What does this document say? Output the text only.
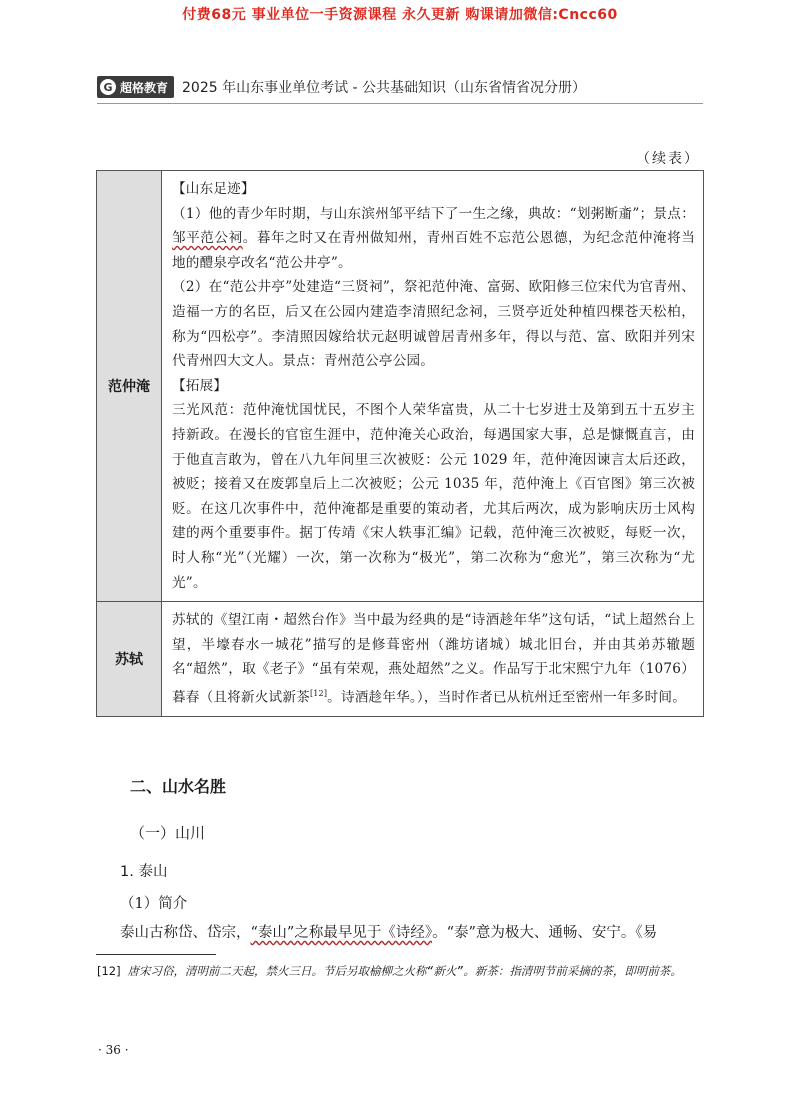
付费68元 事业单位一手资源课程 永久更新 购课请加微信:Cncc60
G 超格教育 2025 年山东事业单位考试 - 公共基础知识（山东省情省况分册）
（续表）
范仲淹	【山东足迹】

（1）他的青少年时期，与山东滨州邹平结下了一生之缘，典故：“划粥断齑”；景点：邹平范公祠。暮年之时又在青州做知州，青州百姓不忘范公恩德，为纪念范仲淹将当地的醴泉亭改名“范公井亭”。

（2）在“范公井亭”处建造“三贤祠”，祭祀范仲淹、富弼、欧阳修三位宋代为官青州、造福一方的名臣，后又在公园内建造李清照纪念祠，三贤亭近处种植四棵苍天松柏，称为“四松亭”。李清照因嫁给状元赵明诚曾居青州多年，得以与范、富、欧阳并列宋代青州四大文人。景点：青州范公亭公园。

【拓展】

三光风范：范仲淹忧国忧民，不图个人荣华富贵，从二十七岁进士及第到五十五岁主持新政。在漫长的官宦生涯中，范仲淹关心政治，每遇国家大事，总是慷慨直言，由于他直言敢为，曾在八九年间里三次被贬：公元 1029 年，范仲淹因谏言太后还政，被贬；接着又在废郭皇后上二次被贬；公元 1035 年，范仲淹上《百官图》第三次被贬。在这几次事件中，范仲淹都是重要的策动者，尤其后两次，成为影响庆历士风构建的两个重要事件。据丁传靖《宋人轶事汇编》记载，范仲淹三次被贬，每贬一次，时人称“光”（光耀）一次，第一次称为“极光”，第二次称为“愈光”，第三次称为“尤光”。

苏轼	苏轼的《望江南・超然台作》当中最为经典的是“诗酒趁年华”这句话，“试上超然台上望，半壕春水一城花”描写的是修葺密州（潍坊诸城）城北旧台，并由其弟苏辙题名“超然”，取《老子》“虽有荣观，燕处超然”之义。作品写于北宋熙宁九年（1076）暮春（且将新火试新茶[12]。诗酒趁年华。），当时作者已从杭州迁至密州一年多时间。

二、山水名胜
（一）山川
1. 泰山
（1）简介
泰山古称岱、岱宗，“泰山”之称最早见于《诗经》。“泰”意为极大、通畅、安宁。《易
[12] 唐宋习俗，清明前二天起，禁火三日。节后另取榆柳之火称“新火”。新茶：指清明节前采摘的茶，即明前茶。
· 36 ·
